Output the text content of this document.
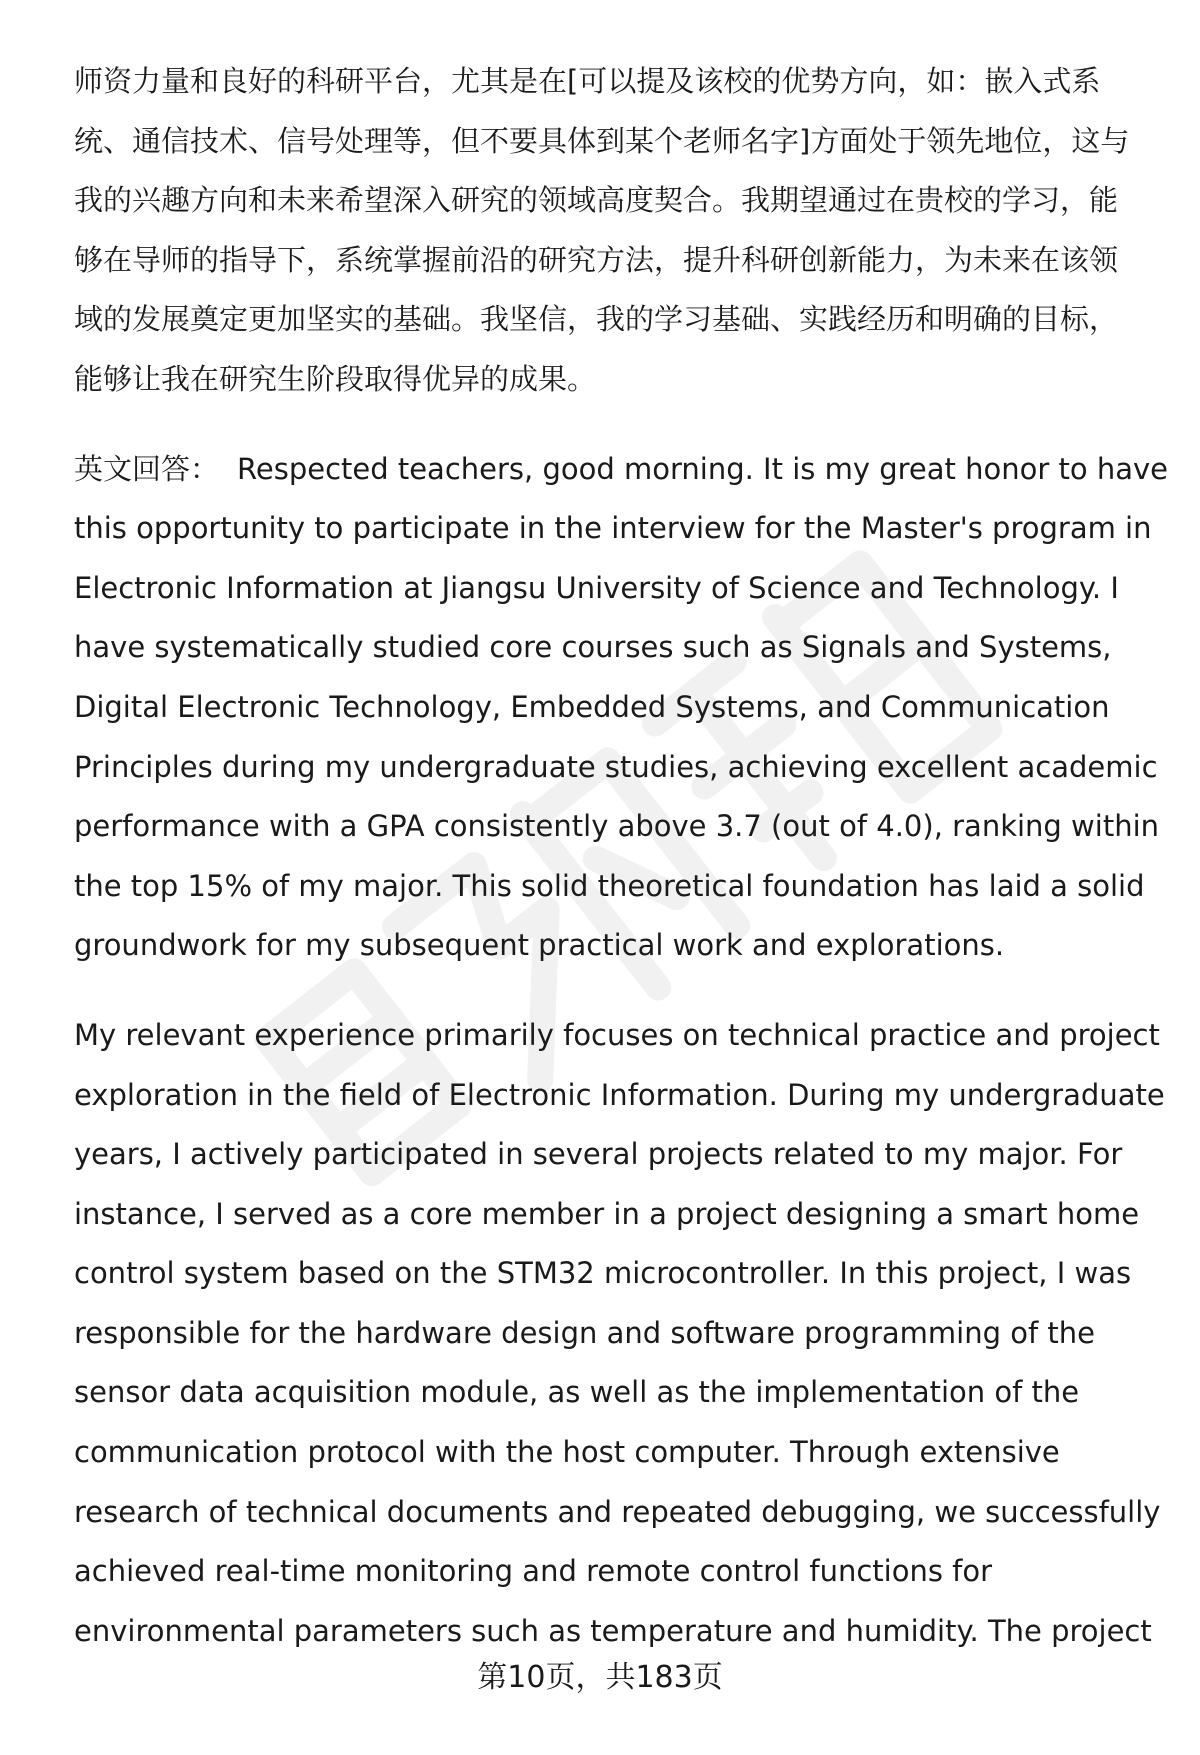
师资力量和良好的科研平台，尤其是在[可以提及该校的优势方向，如：嵌入式系
统、通信技术、信号处理等，但不要具体到某个老师名字]方面处于领先地位，这与
我的兴趣方向和未来希望深入研究的领域高度契合。我期望通过在贵校的学习，能
够在导师的指导下，系统掌握前沿的研究方法，提升科研创新能力，为未来在该领
域的发展奠定更加坚实的基础。我坚信，我的学习基础、实践经历和明确的目标，
能够让我在研究生阶段取得优异的成果。

英文回答： Respected teachers, good morning. It is my great honor to have
this opportunity to participate in the interview for the Master's program in
Electronic Information at Jiangsu University of Science and Technology. I
have systematically studied core courses such as Signals and Systems,
Digital Electronic Technology, Embedded Systems, and Communication
Principles during my undergraduate studies, achieving excellent academic
performance with a GPA consistently above 3.7 (out of 4.0), ranking within
the top 15% of my major. This solid theoretical foundation has laid a solid
groundwork for my subsequent practical work and explorations.

My relevant experience primarily focuses on technical practice and project
exploration in the field of Electronic Information. During my undergraduate
years, I actively participated in several projects related to my major. For
instance, I served as a core member in a project designing a smart home
control system based on the STM32 microcontroller. In this project, I was
responsible for the hardware design and software programming of the
sensor data acquisition module, as well as the implementation of the
communication protocol with the host computer. Through extensive
research of technical documents and repeated debugging, we successfully
achieved real-time monitoring and remote control functions for
environmental parameters such as temperature and humidity. The project

第10页，共183页
